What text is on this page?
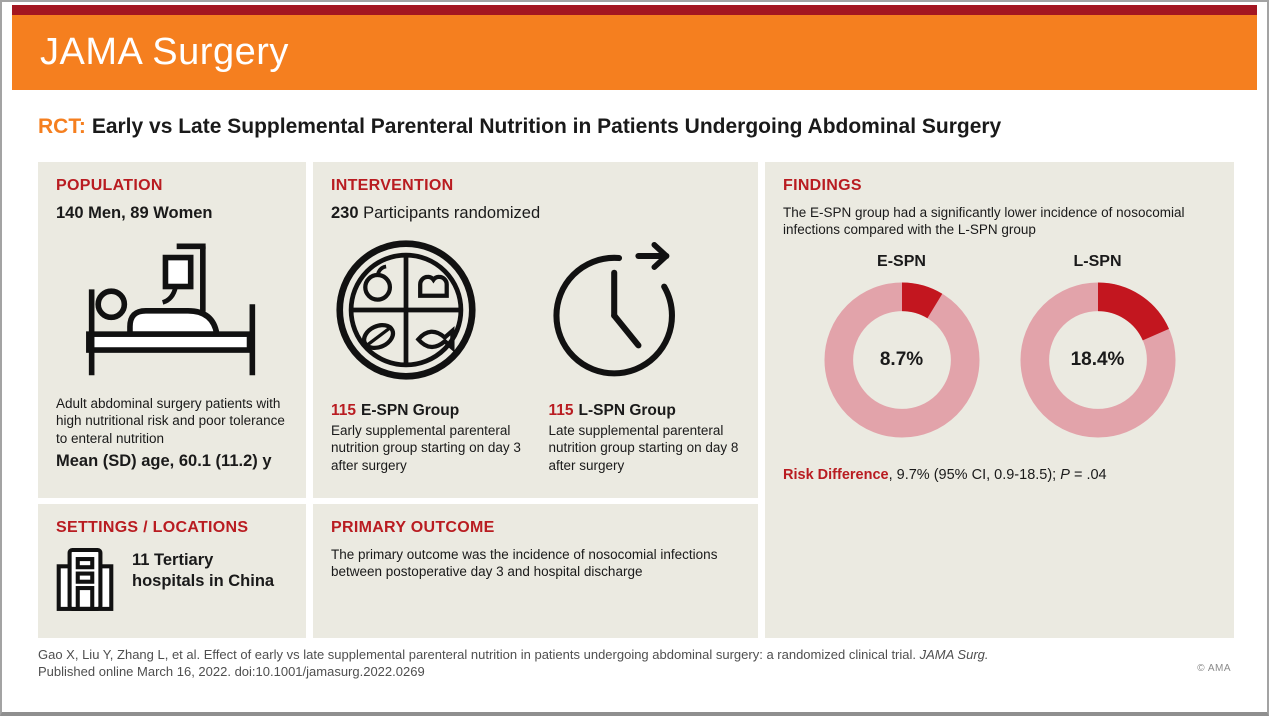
JAMA Surgery
RCT: Early vs Late Supplemental Parenteral Nutrition in Patients Undergoing Abdominal Surgery
POPULATION
140 Men, 89 Women
Adult abdominal surgery patients with high nutritional risk and poor tolerance to enteral nutrition
Mean (SD) age, 60.1 (11.2) y
SETTINGS / LOCATIONS
11 Tertiary hospitals in China
INTERVENTION
230 Participants randomized
115 E-SPN Group
Early supplemental parenteral nutrition group starting on day 3 after surgery
115 L-SPN Group
Late supplemental parenteral nutrition group starting on day 8 after surgery
PRIMARY OUTCOME
The primary outcome was the incidence of nosocomial infections between postoperative day 3 and hospital discharge
FINDINGS
The E-SPN group had a significantly lower incidence of nosocomial infections compared with the L-SPN group
E-SPN
8.7%
L-SPN
18.4%
Risk Difference, 9.7% (95% CI, 0.9-18.5); P = .04
Gao X, Liu Y, Zhang L, et al. Effect of early vs late supplemental parenteral nutrition in patients undergoing abdominal surgery: a randomized clinical trial. JAMA Surg.
Published online March 16, 2022. doi:10.1001/jamasurg.2022.0269	© AMA
